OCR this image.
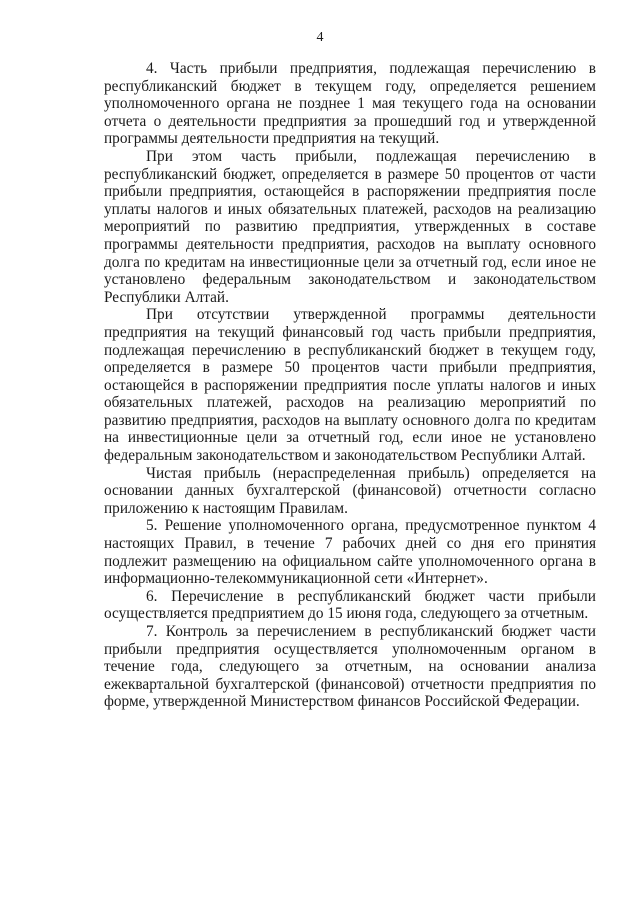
4

4. Часть прибыли предприятия, подлежащая перечислению в республиканский бюджет в текущем году, определяется решением уполномоченного органа не позднее 1 мая текущего года на основании отчета о деятельности предприятия за прошедший год и утвержденной программы деятельности предприятия на текущий.

При этом часть прибыли, подлежащая перечислению в республиканский бюджет, определяется в размере 50 процентов от части прибыли предприятия, остающейся в распоряжении предприятия после уплаты налогов и иных обязательных платежей, расходов на реализацию мероприятий по развитию предприятия, утвержденных в составе программы деятельности предприятия, расходов на выплату основного долга по кредитам на инвестиционные цели за отчетный год, если иное не установлено федеральным законодательством и законодательством Республики Алтай.

При отсутствии утвержденной программы деятельности предприятия на текущий финансовый год часть прибыли предприятия, подлежащая перечислению в республиканский бюджет в текущем году, определяется в размере 50 процентов части прибыли предприятия, остающейся в распоряжении предприятия после уплаты налогов и иных обязательных платежей, расходов на реализацию мероприятий по развитию предприятия, расходов на выплату основного долга по кредитам на инвестиционные цели за отчетный год, если иное не установлено федеральным законодательством и законодательством Республики Алтай.

Чистая прибыль (нераспределенная прибыль) определяется на основании данных бухгалтерской (финансовой) отчетности согласно приложению к настоящим Правилам.

5. Решение уполномоченного органа, предусмотренное пунктом 4 настоящих Правил, в течение 7 рабочих дней со дня его принятия подлежит размещению на официальном сайте уполномоченного органа в информационно-телекоммуникационной сети «Интернет».

6. Перечисление в республиканский бюджет части прибыли осуществляется предприятием до 15 июня года, следующего за отчетным.

7. Контроль за перечислением в республиканский бюджет части прибыли предприятия осуществляется уполномоченным органом в течение года, следующего за отчетным, на основании анализа ежеквартальной бухгалтерской (финансовой) отчетности предприятия по форме, утвержденной Министерством финансов Российской Федерации.
